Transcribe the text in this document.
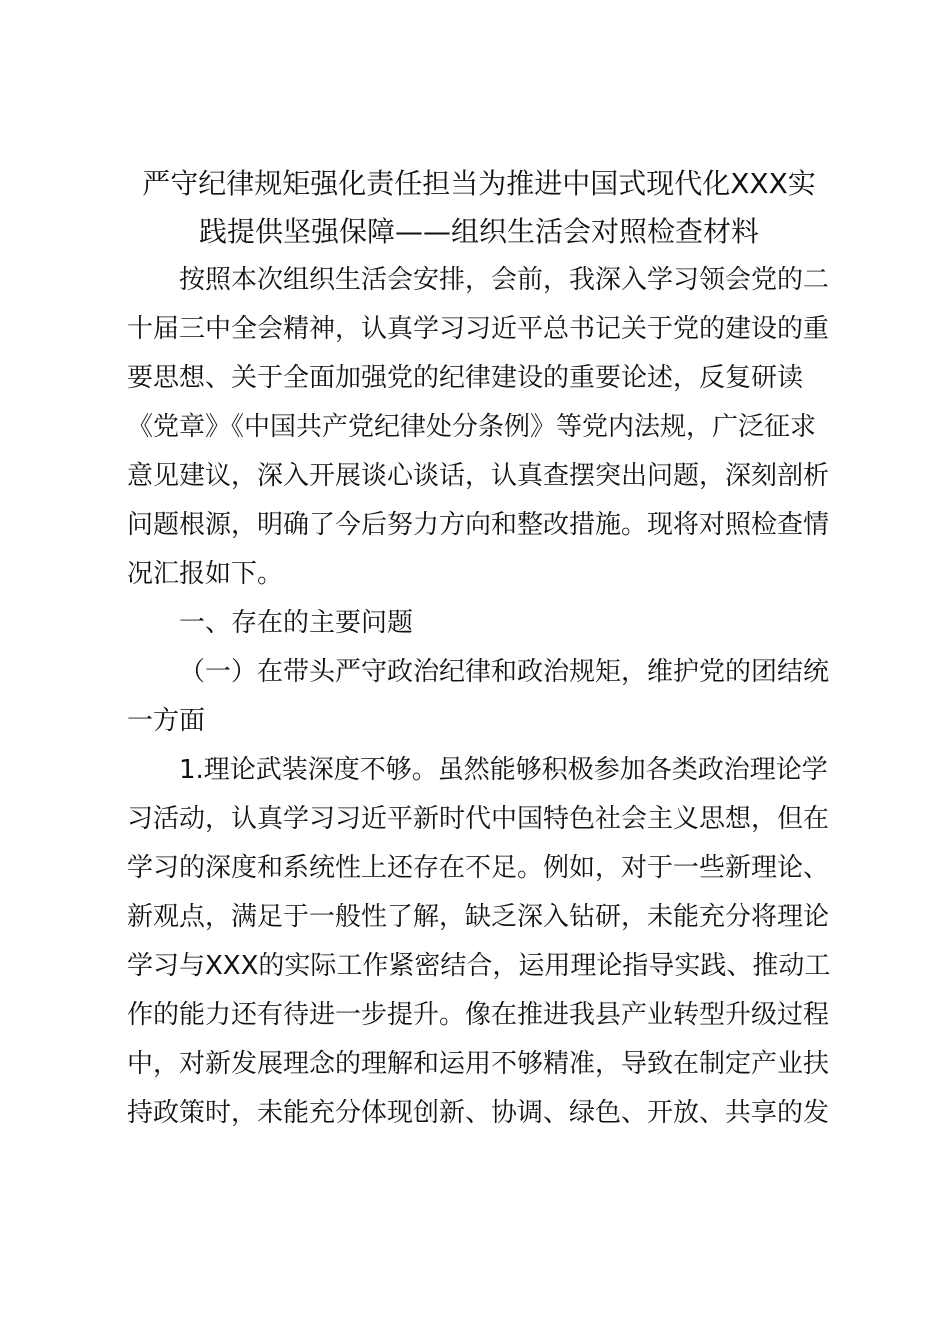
严守纪律规矩强化责任担当为推进中国式现代化XXX实

践提供坚强保障——组织生活会对照检查材料

按照本次组织生活会安排，会前，我深入学习领会党的二
十届三中全会精神，认真学习习近平总书记关于党的建设的重
要思想、关于全面加强党的纪律建设的重要论述，反复研读
《党章》《中国共产党纪律处分条例》等党内法规，广泛征求
意见建议，深入开展谈心谈话，认真查摆突出问题，深刻剖析
问题根源，明确了今后努力方向和整改措施。现将对照检查情
况汇报如下。

一、存在的主要问题

（一）在带头严守政治纪律和政治规矩，维护党的团结统
一方面
1.理论武装深度不够。虽然能够积极参加各类政治理论学
习活动，认真学习习近平新时代中国特色社会主义思想，但在
学习的深度和系统性上还存在不足。例如，对于一些新理论、
新观点，满足于一般性了解，缺乏深入钻研，未能充分将理论
学习与XXX的实际工作紧密结合，运用理论指导实践、推动工
作的能力还有待进一步提升。像在推进我县产业转型升级过程
中，对新发展理念的理解和运用不够精准，导致在制定产业扶
持政策时，未能充分体现创新、协调、绿色、开放、共享的发
